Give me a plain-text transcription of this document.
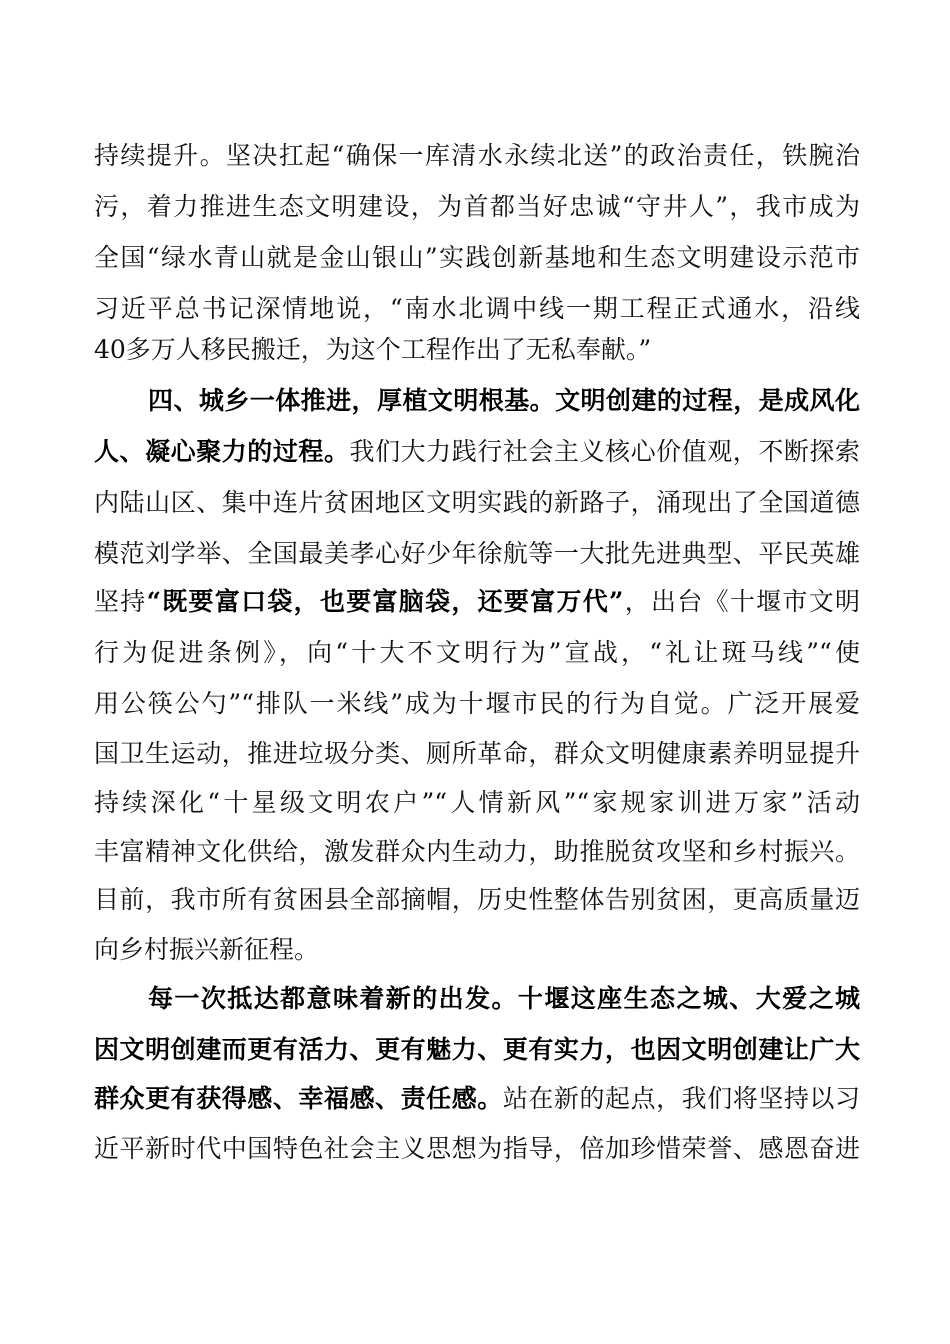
持续提升。坚决扛起“确保一库清水永续北送”的政治责任，铁腕治
污，着力推进生态文明建设，为首都当好忠诚“守井人”，我市成为
全国“绿水青山就是金山银山”实践创新基地和生态文明建设示范市
习近平总书记深情地说，“南水北调中线一期工程正式通水，沿线
40多万人移民搬迁，为这个工程作出了无私奉献。”
四、城乡一体推进，厚植文明根基。文明创建的过程，是成风化
人、凝心聚力的过程。我们大力践行社会主义核心价值观，不断探索
内陆山区、集中连片贫困地区文明实践的新路子，涌现出了全国道德
模范刘学举、全国最美孝心好少年徐航等一大批先进典型、平民英雄
坚持“既要富口袋，也要富脑袋，还要富万代”，出台《十堰市文明
行为促进条例》，向“十大不文明行为”宣战，“礼让斑马线”“使
用公筷公勺”“排队一米线”成为十堰市民的行为自觉。广泛开展爱
国卫生运动，推进垃圾分类、厕所革命，群众文明健康素养明显提升
持续深化“十星级文明农户”“人情新风”“家规家训进万家”活动
丰富精神文化供给，激发群众内生动力，助推脱贫攻坚和乡村振兴。
目前，我市所有贫困县全部摘帽，历史性整体告别贫困，更高质量迈
向乡村振兴新征程。
每一次抵达都意味着新的出发。十堰这座生态之城、大爱之城
因文明创建而更有活力、更有魅力、更有实力，也因文明创建让广大
群众更有获得感、幸福感、责任感。站在新的起点，我们将坚持以习
近平新时代中国特色社会主义思想为指导，倍加珍惜荣誉、感恩奋进
